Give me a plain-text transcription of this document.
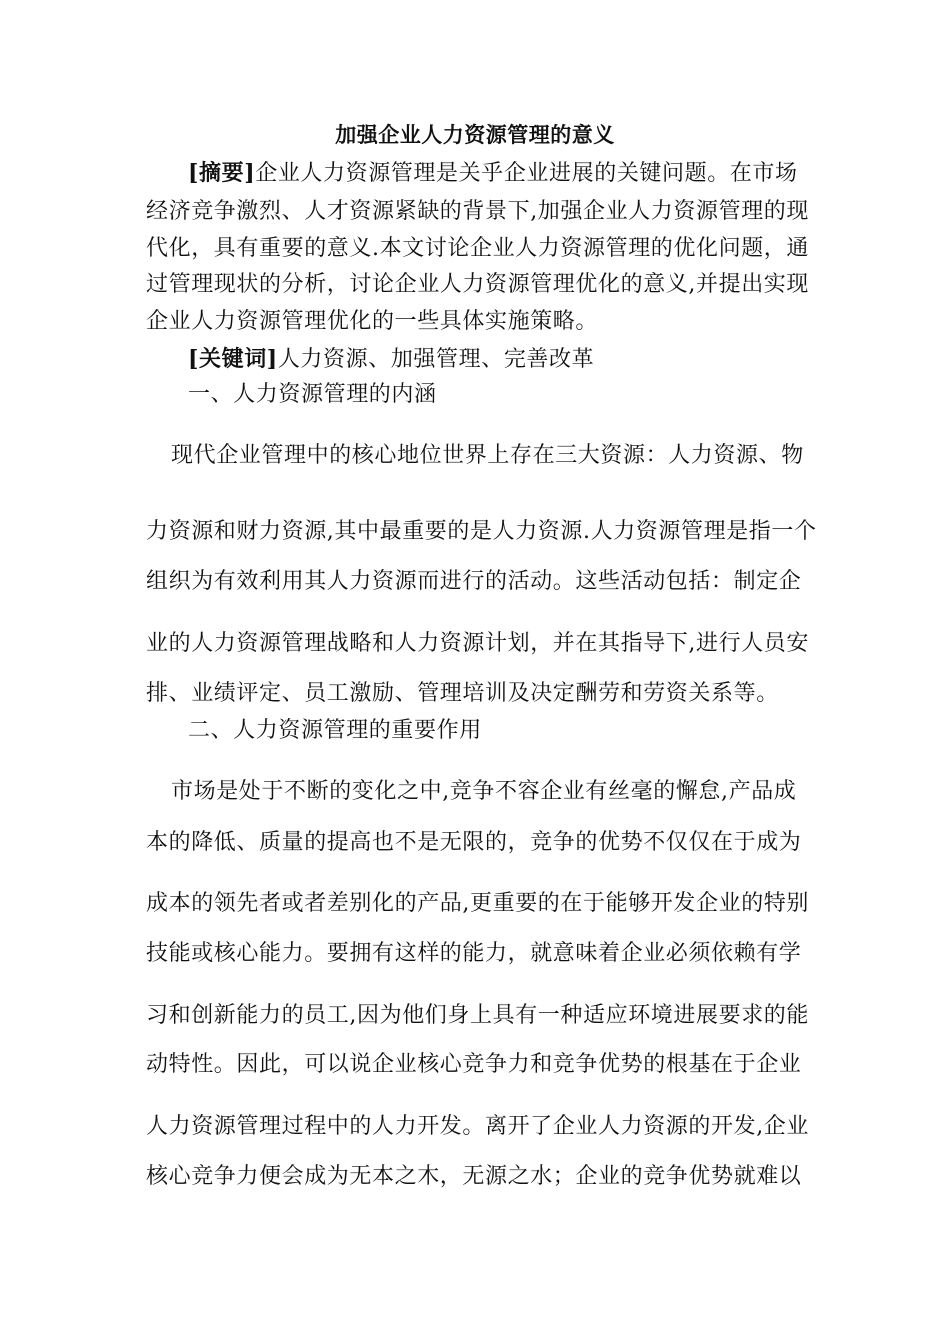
加强企业人力资源管理的意义
[摘要]企业人力资源管理是关乎企业进展的关键问题。在市场
经济竞争激烈、人才资源紧缺的背景下,加强企业人力资源管理的现
代化，具有重要的意义.本文讨论企业人力资源管理的优化问题，通
过管理现状的分析，讨论企业人力资源管理优化的意义,并提出实现
企业人力资源管理优化的一些具体实施策略。
[关键词]人力资源、加强管理、完善改革
一、人力资源管理的内涵
现代企业管理中的核心地位世界上存在三大资源：人力资源、物
力资源和财力资源,其中最重要的是人力资源.人力资源管理是指一个
组织为有效利用其人力资源而进行的活动。这些活动包括：制定企
业的人力资源管理战略和人力资源计划，并在其指导下,进行人员安
排、业绩评定、员工激励、管理培训及决定酬劳和劳资关系等。
二、人力资源管理的重要作用
市场是处于不断的变化之中,竞争不容企业有丝毫的懈怠,产品成
本的降低、质量的提高也不是无限的，竞争的优势不仅仅在于成为
成本的领先者或者差别化的产品,更重要的在于能够开发企业的特别
技能或核心能力。要拥有这样的能力，就意味着企业必须依赖有学
习和创新能力的员工,因为他们身上具有一种适应环境进展要求的能
动特性。因此，可以说企业核心竞争力和竞争优势的根基在于企业
人力资源管理过程中的人力开发。离开了企业人力资源的开发,企业
核心竞争力便会成为无本之木，无源之水；企业的竞争优势就难以
